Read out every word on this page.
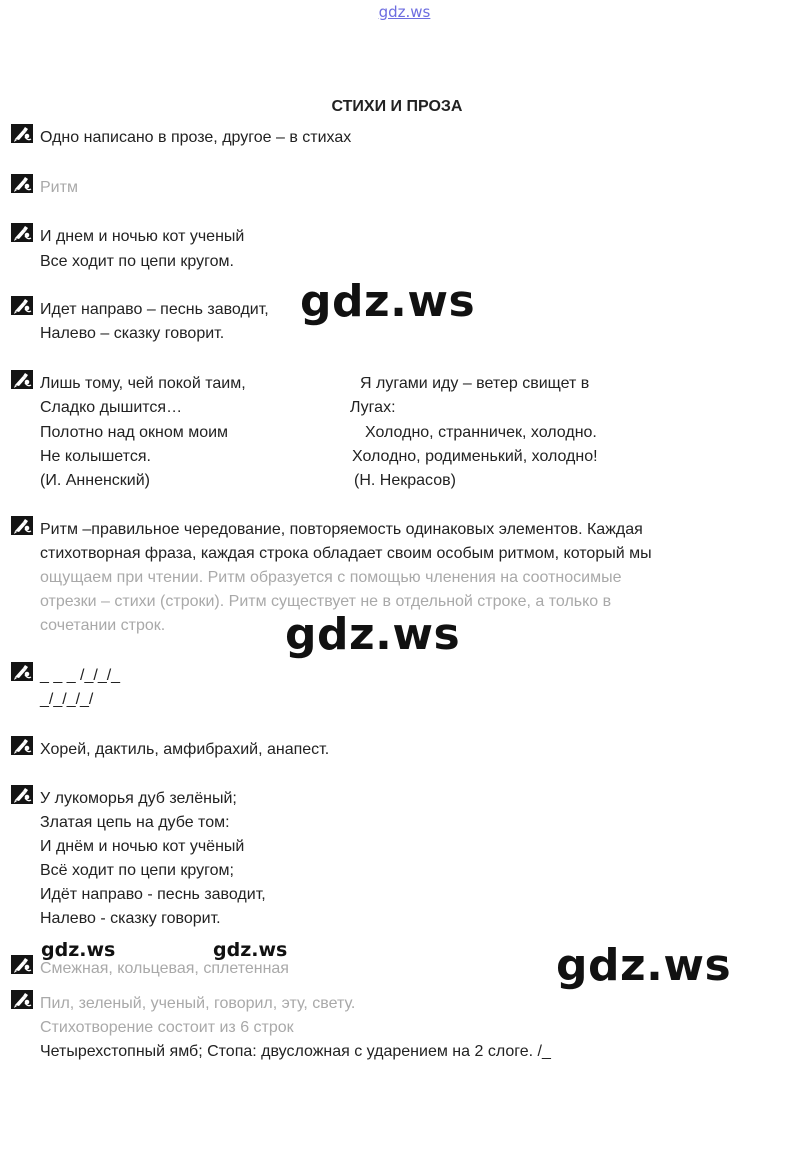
gdz.ws
СТИХИ И ПРОЗА
Одно написано в прозе, другое – в стихах
Ритм
И днем и ночью кот ученый
Все ходит по цепи кругом.
Идет направо – песнь заводит,
Налево – сказку говорит.
Лишь тому, чей покой таим,
Сладко дышится…
Полотно над окном моим
Не колышется.
(И. Анненский)
Я лугами иду – ветер свищет в
Лугах:
Холодно, странничек, холодно.
Холодно, родименький, холодно!
(Н. Некрасов)
Ритм –правильное чередование, повторяемость одинаковых элементов. Каждая
стихотворная фраза, каждая строка обладает своим особым ритмом, который мы
ощущаем при чтении. Ритм образуется с помощью членения на соотносимые
отрезки – стихи (строки). Ритм существует не в отдельной строке, а только в
сочетании строк.
_ _ _ /_/_/_
_/_/_/_/
Хорей, дактиль, амфибрахий, анапест.
У лукоморья дуб зелёный;
Златая цепь на дубе том:
И днём и ночью кот учёный
Всё ходит по цепи кругом;
Идёт направо - песнь заводит,
Налево - сказку говорит.
Смежная, кольцевая, сплетенная
Пил, зеленый, ученый, говорил, эту, свету.
Стихотворение состоит из 6 строк
Четырехстопный ямб; Стопа: двусложная с ударением на 2 слоге. /_
gdz.ws
gdz.ws
gdz.ws
gdz.ws	gdz.ws
